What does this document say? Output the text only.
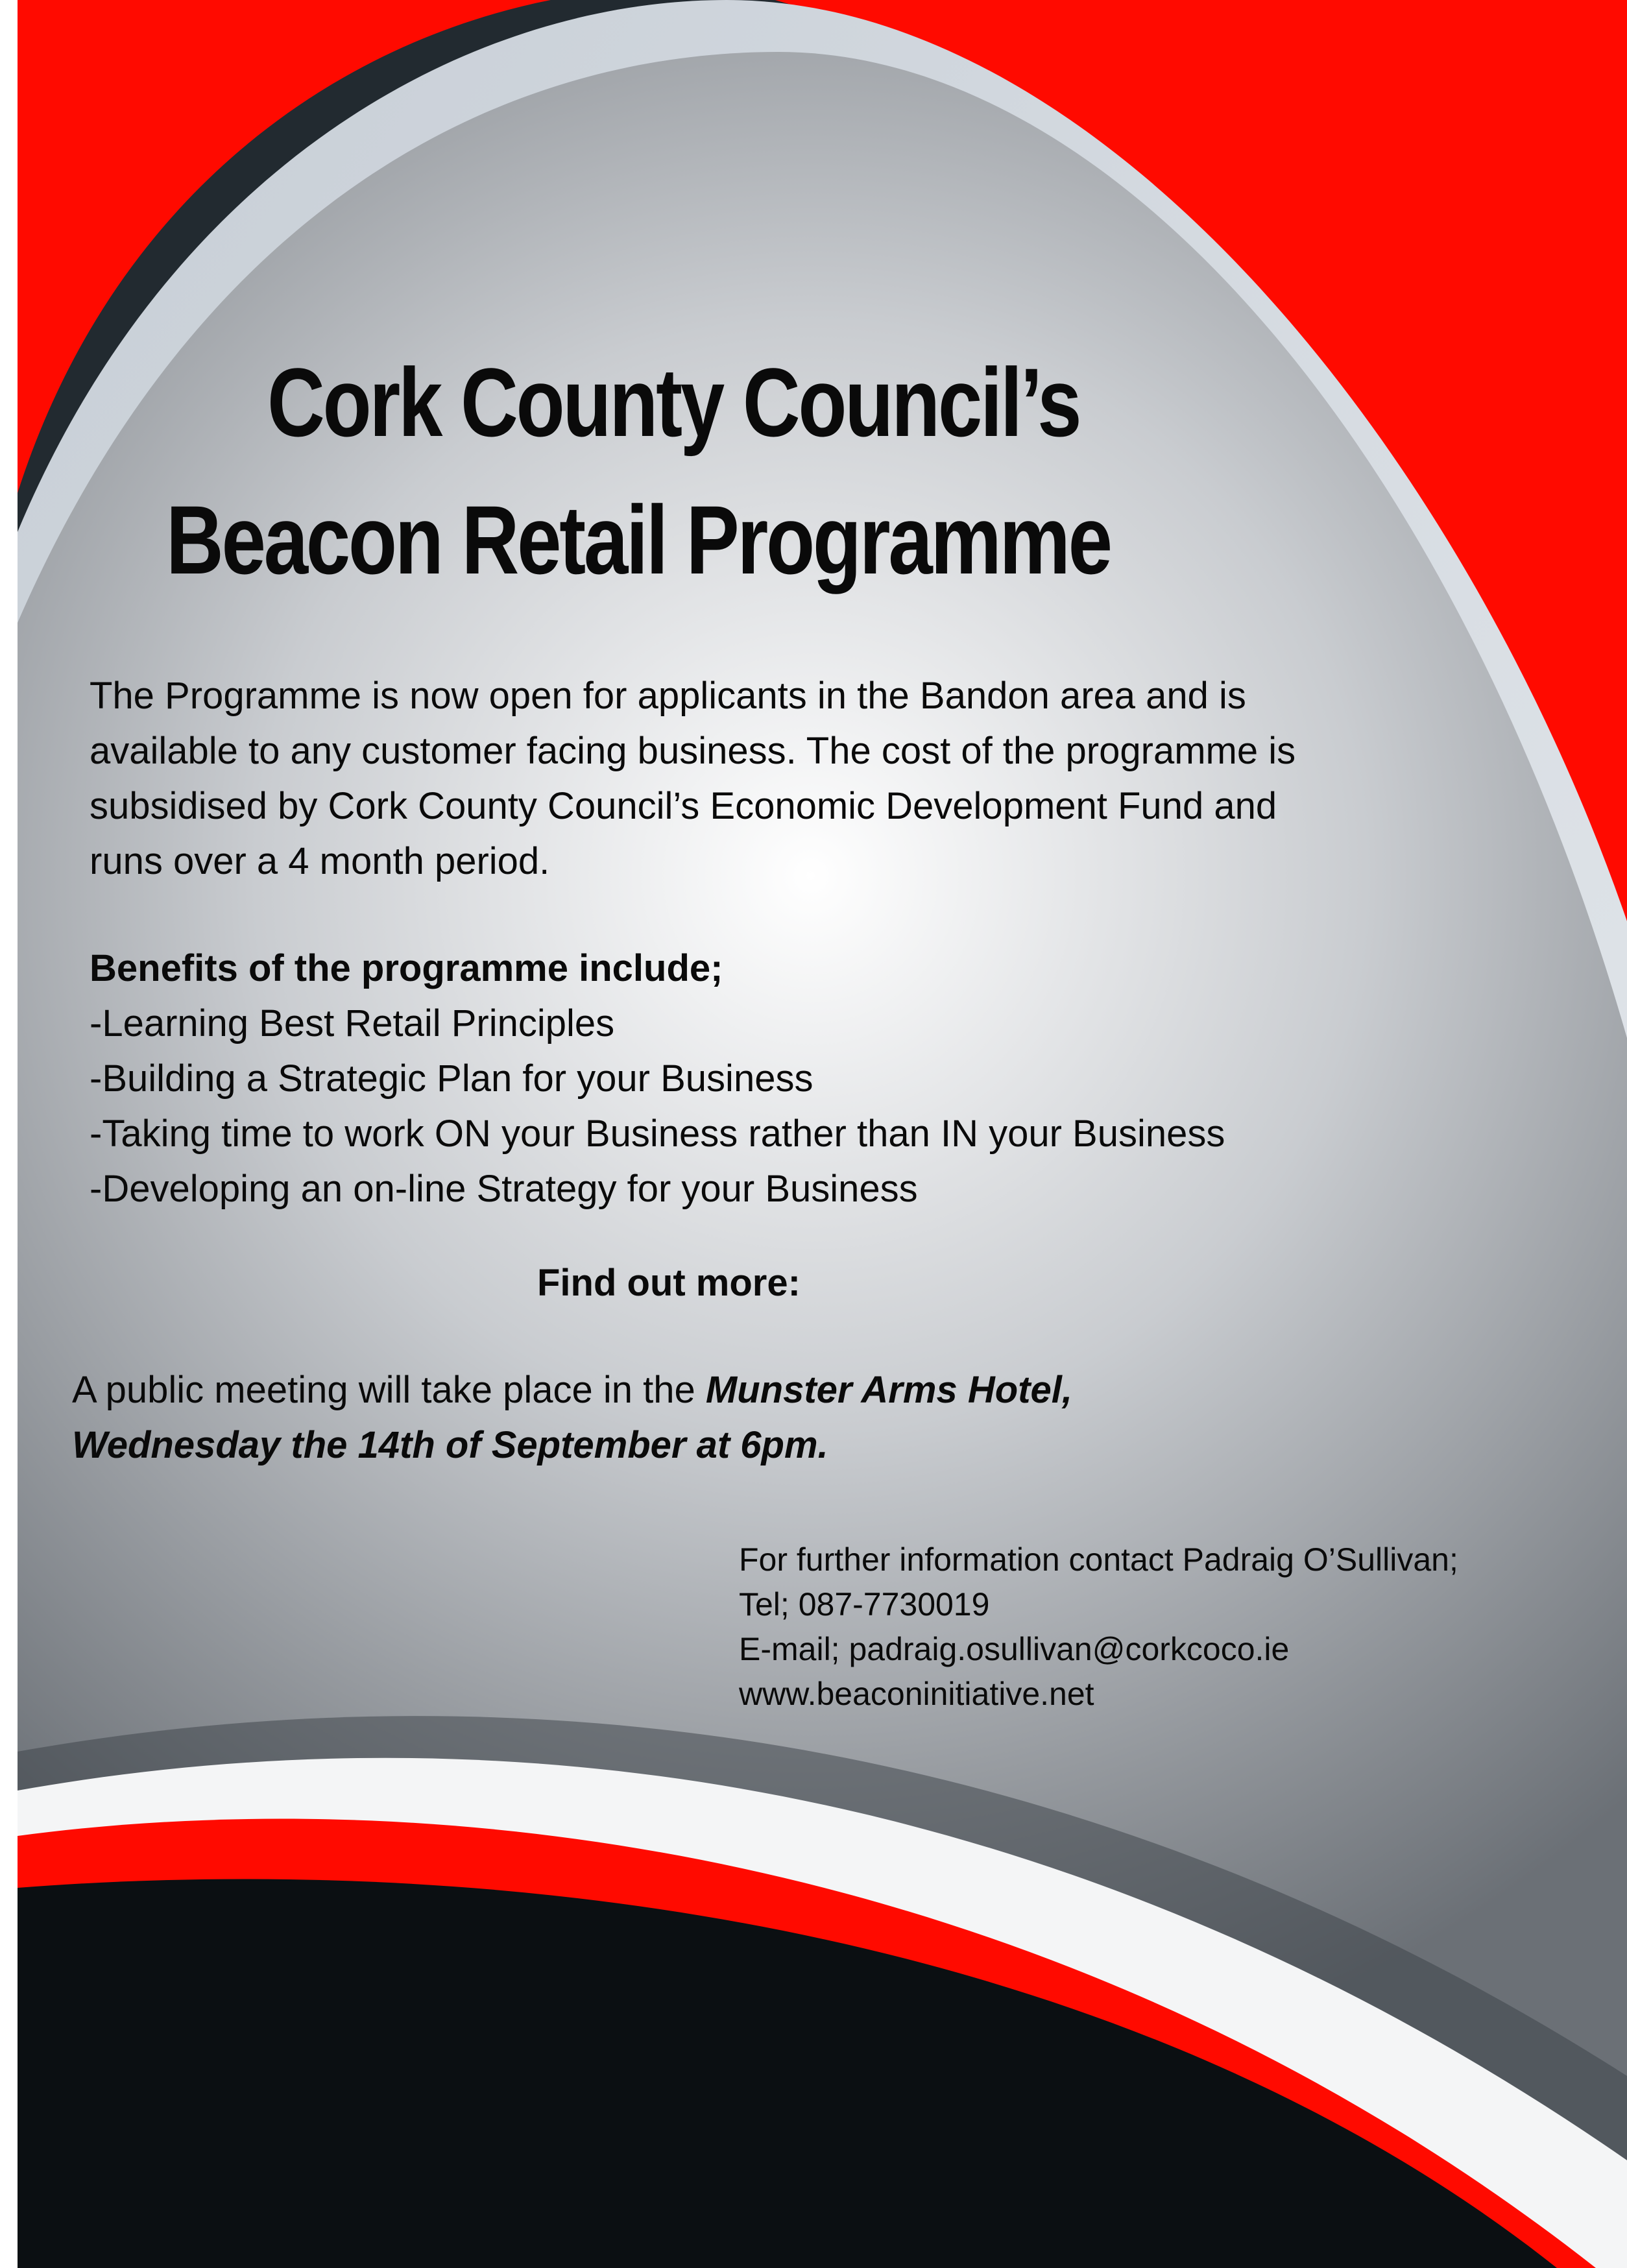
Cork County Council’s
Beacon Retail Programme
The Programme is now open for applicants in the Bandon area and is
available to any customer facing business. The cost of the programme is
subsidised by Cork County Council’s Economic Development Fund and
runs over a 4 month period.
Benefits of the programme include;
-Learning Best Retail Principles
-Building a Strategic Plan for your Business
-Taking time to work ON your Business rather than IN your Business
-Developing an on-line Strategy for your Business
Find out more:
A public meeting will take place in the Munster Arms Hotel,
Wednesday the 14th of September at 6pm.
For further information contact Padraig O’Sullivan;
Tel; 087-7730019
E-mail; padraig.osullivan@corkcoco.ie
www.beaconinitiative.net
